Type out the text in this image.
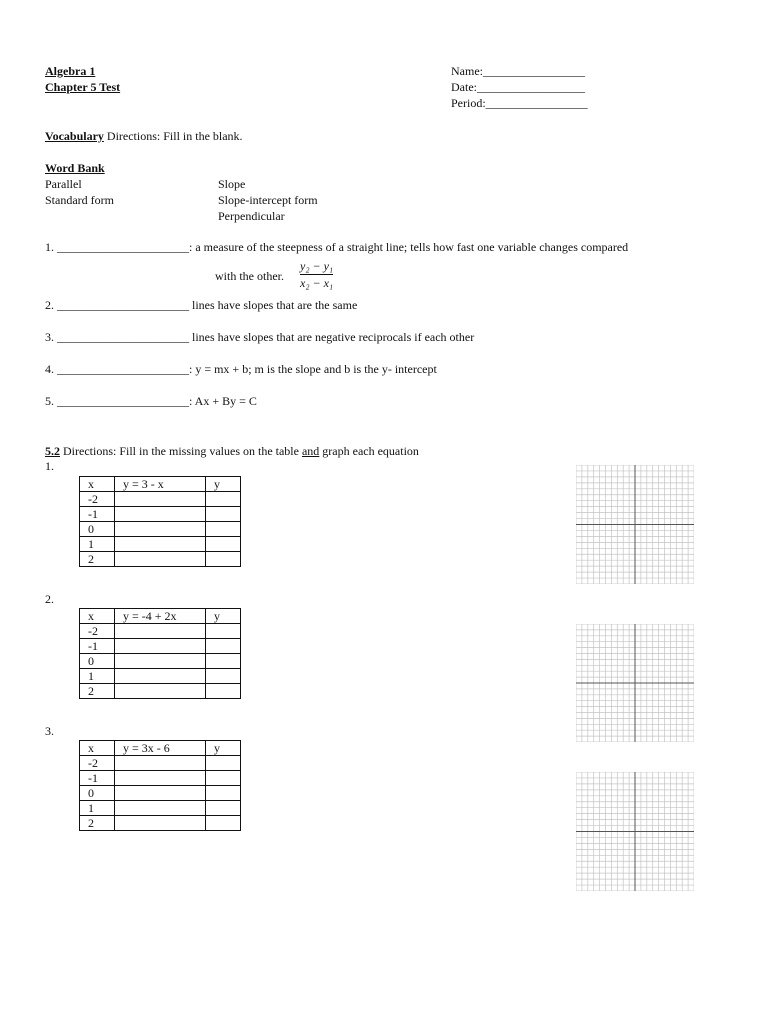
Algebra 1
Chapter 5 Test
Name:_________________
Date:__________________
Period:_________________
Vocabulary Directions: Fill in the blank.
Word Bank
Parallel
Standard form
Slope
Slope-intercept form
Perpendicular
1. ______________________: a measure of the steepness of a straight line; tells how fast one variable changes compared
with the other.
y₂ − y₁
x₂ − x₁
2. ______________________ lines have slopes that are the same
3. ______________________ lines have slopes that are negative reciprocals if each other
4. ______________________: y = mx + b; m is the slope and b is the y- intercept
5. ______________________: Ax + By = C
5.2 Directions: Fill in the missing values on the table and graph each equation
1.
x	y = 3 - x	y
-2		
-1		
0		
1		
2		
2.
x	y = -4 + 2x	y
-2		
-1		
0		
1		
2		
3.
x	y = 3x - 6	y
-2		
-1		
0		
1		
2		
